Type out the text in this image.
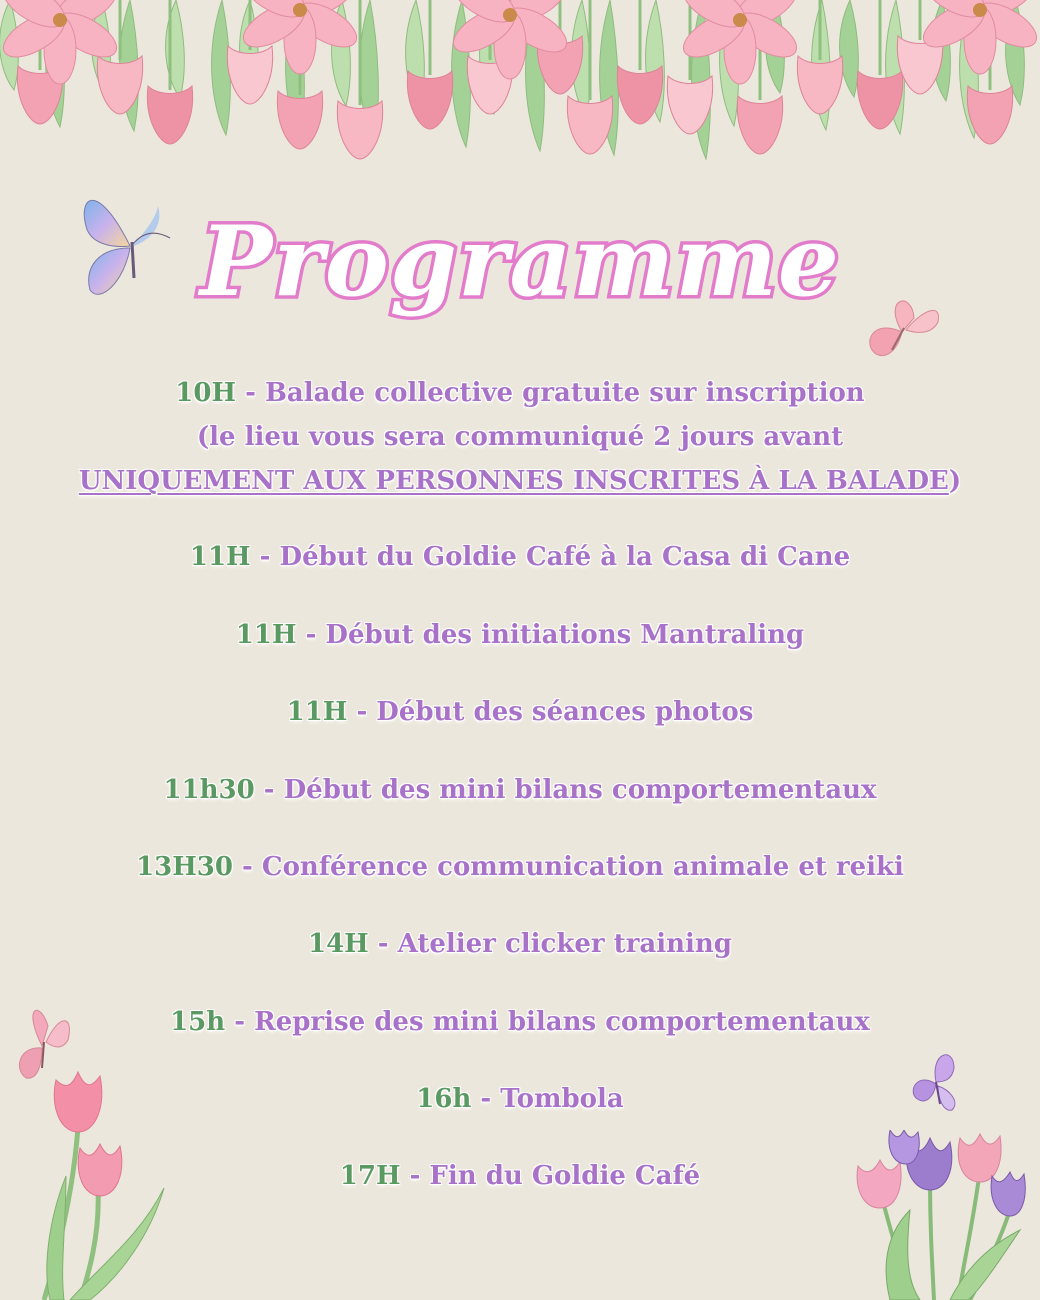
Programme
10H - Balade collective gratuite sur inscription
(le lieu vous sera communiqué 2 jours avant
UNIQUEMENT AUX PERSONNES INSCRITES À LA BALADE)
11H - Début du Goldie Café à la Casa di Cane
11H - Début des initiations Mantraling
11H - Début des séances photos
11h30 - Début des mini bilans comportementaux
13H30 - Conférence communication animale et reiki
14H - Atelier clicker training
15h - Reprise des mini bilans comportementaux
16h - Tombola
17H - Fin du Goldie Café
